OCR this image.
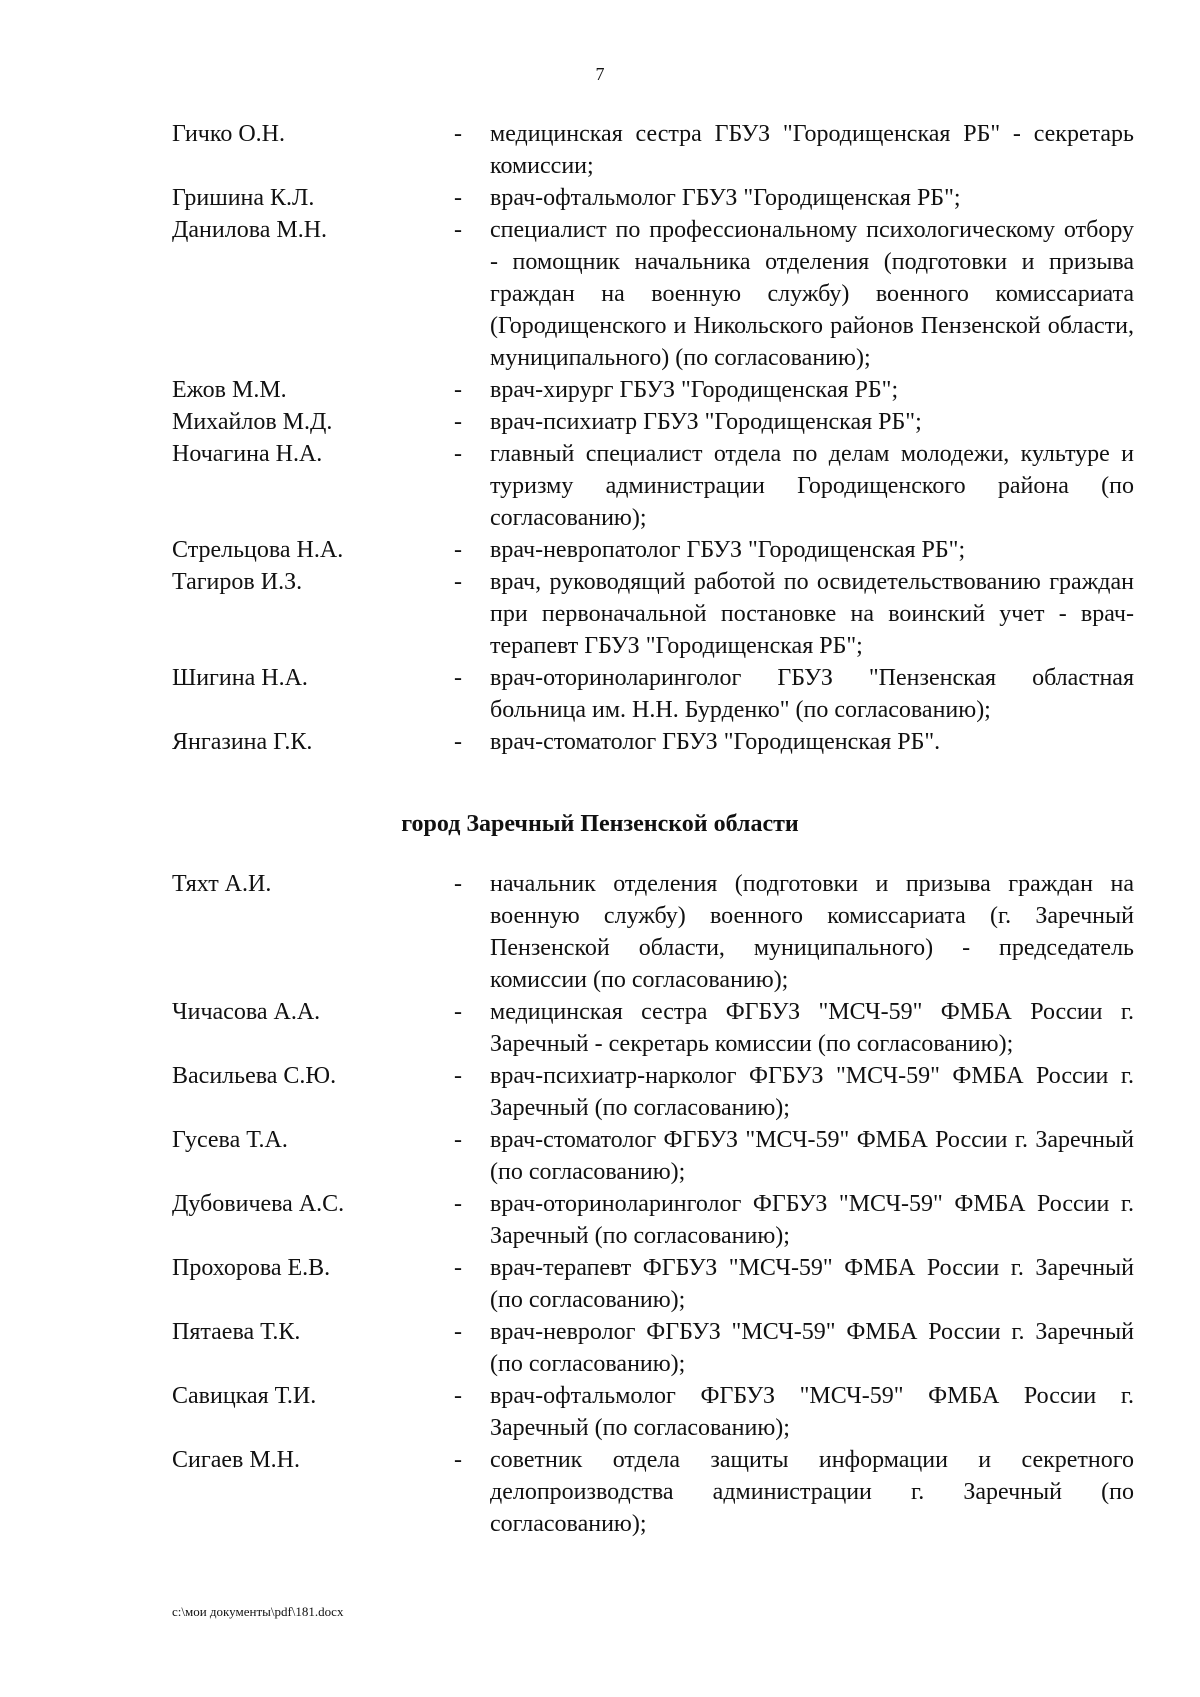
7
Гичко О.Н.	-	медицинская сестра ГБУЗ "Городищенская РБ" - секретарь комиссии;
Гришина К.Л.	-	врач-офтальмолог ГБУЗ "Городищенская РБ";
Данилова М.Н.	-	специалист по профессиональному психологическому отбору - помощник начальника отделения (подготовки и призыва граждан на военную службу) военного комиссариата (Городищенского и Никольского районов Пензенской области, муниципального) (по согласованию);
Ежов М.М.	-	врач-хирург ГБУЗ "Городищенская РБ";
Михайлов М.Д.	-	врач-психиатр ГБУЗ "Городищенская РБ";
Ночагина Н.А.	-	главный специалист отдела по делам молодежи, культуре и туризму администрации Городищенского района (по согласованию);
Стрельцова Н.А.	-	врач-невропатолог ГБУЗ "Городищенская РБ";
Тагиров И.З.	-	врач, руководящий работой по освидетельствованию граждан при первоначальной постановке на воинский учет - врач-терапевт ГБУЗ "Городищенская РБ";
Шигина Н.А.	-	врач-оториноларинголог ГБУЗ "Пензенская областная больница им. Н.Н. Бурденко" (по согласованию);
Янгазина Г.К.	-	врач-стоматолог ГБУЗ "Городищенская РБ".
город Заречный Пензенской области
Тяхт А.И.	-	начальник отделения (подготовки и призыва граждан на военную службу) военного комиссариата (г. Заречный Пензенской области, муниципального) - председатель комиссии (по согласованию);
Чичасова А.А.	-	медицинская сестра ФГБУЗ "МСЧ-59" ФМБА России г. Заречный - секретарь комиссии (по согласованию);
Васильева С.Ю.	-	врач-психиатр-нарколог ФГБУЗ "МСЧ-59" ФМБА России г. Заречный (по согласованию);
Гусева Т.А.	-	врач-стоматолог ФГБУЗ "МСЧ-59" ФМБА России г. Заречный (по согласованию);
Дубовичева А.С.	-	врач-оториноларинголог ФГБУЗ "МСЧ-59" ФМБА России г. Заречный (по согласованию);
Прохорова Е.В.	-	врач-терапевт ФГБУЗ "МСЧ-59" ФМБА России г. Заречный (по согласованию);
Пятаева Т.К.	-	врач-невролог ФГБУЗ "МСЧ-59" ФМБА России г. Заречный (по согласованию);
Савицкая Т.И.	-	врач-офтальмолог ФГБУЗ "МСЧ-59" ФМБА России г. Заречный (по согласованию);
Сигаев М.Н.	-	советник отдела защиты информации и секретного делопроизводства администрации г. Заречный (по согласованию);
c:\мои документы\pdf\181.docx
